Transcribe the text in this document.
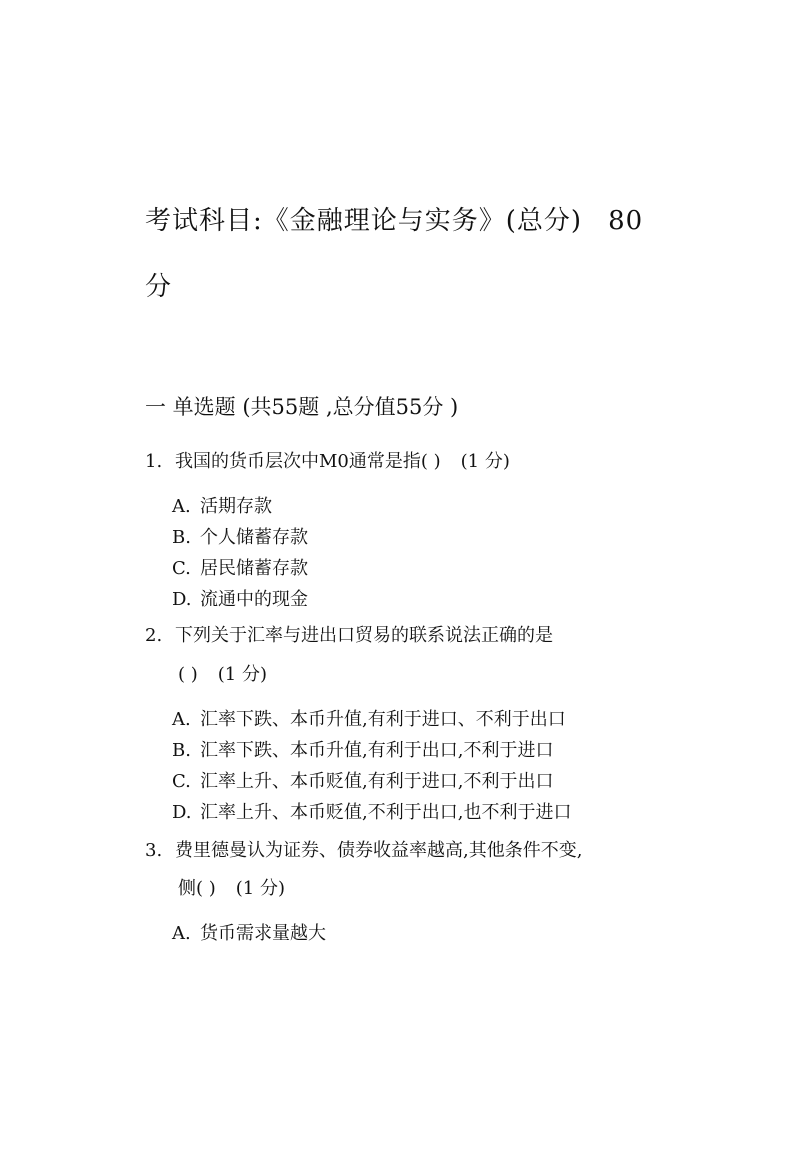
考试科目:《金融理论与实务》(总分) 80分
一 单选题 (共55题 ,总分值55分 )
1. 我国的货币层次中M0通常是指( ) (1 分)
A. 活期存款
B. 个人储蓄存款
C. 居民储蓄存款
D. 流通中的现金
2. 下列关于汇率与进出口贸易的联系说法正确的是
( ) (1 分)
A. 汇率下跌、本币升值,有利于进口、不利于出口
B. 汇率下跌、本币升值,有利于出口,不利于进口
C. 汇率上升、本币贬值,有利于进口,不利于出口
D. 汇率上升、本币贬值,不利于出口,也不利于进口
3. 费里德曼认为证券、债券收益率越高,其他条件不变,
侧( ) (1 分)
A. 货币需求量越大
